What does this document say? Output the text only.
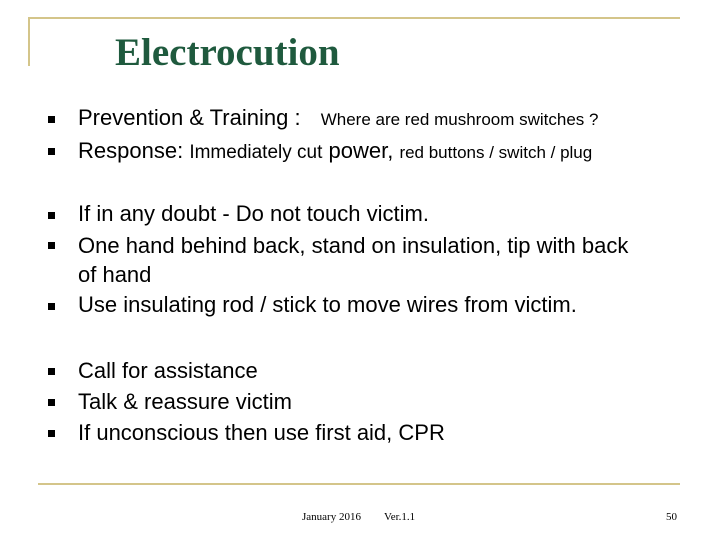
Electrocution
Prevention & Training : Where are red mushroom switches ?
Response: Immediately cut power, red buttons / switch / plug
If in any doubt - Do not touch victim.
One hand behind back, stand on insulation, tip with back
of hand
Use insulating rod / stick to move wires from victim.
Call for assistance
Talk & reassure victim
If unconscious then use first aid, CPR
January 2016 Ver.1.1	50
